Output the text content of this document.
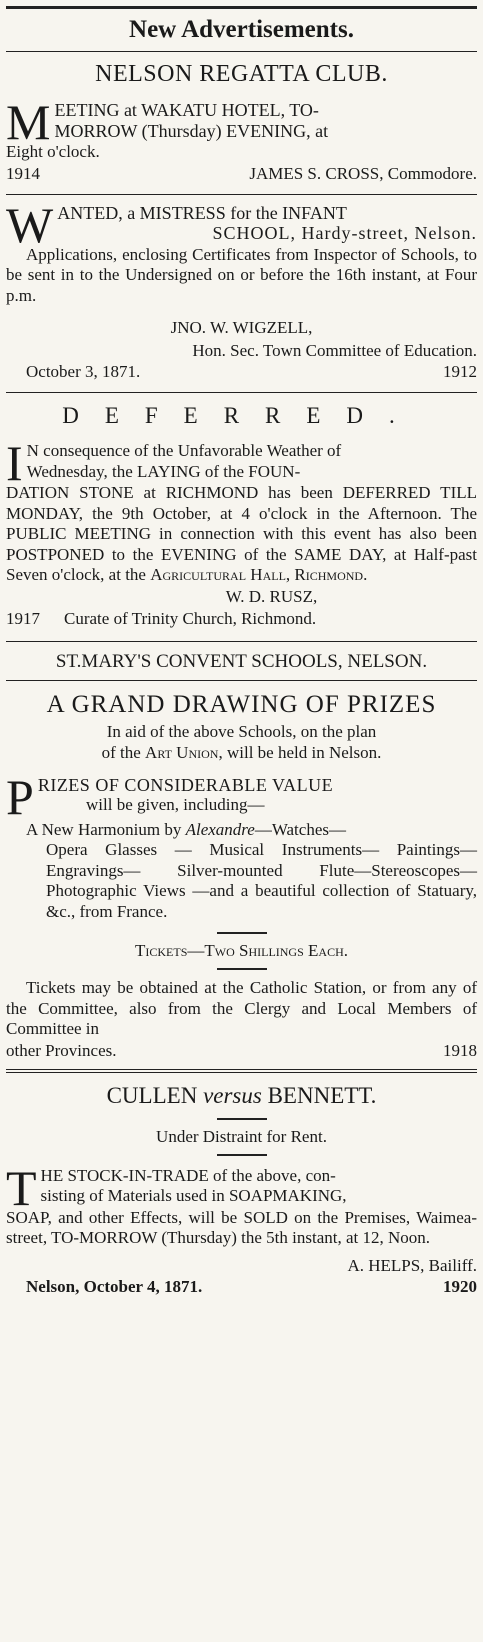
New Advertisements.
NELSON REGATTA CLUB.
M EETING at WAKATU HOTEL, TO-
MORROW (Thursday) EVENING, at
Eight o'clock.
1914	JAMES S. CROSS, Commodore.
W ANTED, a MISTRESS for the INFANT
SCHOOL, Hardy-street, Nelson.
Applications, enclosing Certificates from Inspector of Schools, to be sent in to the Undersigned on or before the 16th instant, at Four p.m.
JNO. W. WIGZELL,
Hon. Sec. Town Committee of Education.
October 3, 1871.	1912
DEFERRED.
I N consequence of the Unfavorable Weather of
Wednesday, the LAYING of the FOUN-
DATION STONE at RICHMOND has been DEFERRED TILL MONDAY, the 9th October, at 4 o'clock in the Afternoon. The PUBLIC MEETING in connection with this event has also been POSTPONED to the EVENING of the SAME DAY, at Half-past Seven o'clock, at the Agricultural Hall, Richmond.
W. D. RUSZ,
1917 Curate of Trinity Church, Richmond.
ST.MARY'S CONVENT SCHOOLS, NELSON.
A GRAND DRAWING OF PRIZES
In aid of the above Schools, on the plan
of the Art Union, will be held in Nelson.
P RIZES OF CONSIDERABLE VALUE
will be given, including—
A New Harmonium by Alexandre—Watches—
Opera Glasses — Musical Instruments— Paintings— Engravings— Silver-mounted Flute—Stereoscopes—Photographic Views —and a beautiful collection of Statuary, &c., from France.
Tickets—Two Shillings Each.
Tickets may be obtained at the Catholic Station, or from any of the Committee, also from the Clergy and Local Members of Committee in
other Provinces.	1918
CULLEN versus BENNETT.
Under Distraint for Rent.
T HE STOCK-IN-TRADE of the above, con-
sisting of Materials used in SOAPMAKING,
SOAP, and other Effects, will be SOLD on the Premises, Waimea-street, TO-MORROW (Thursday) the 5th instant, at 12, Noon.
A. HELPS, Bailiff.
Nelson, October 4, 1871.	1920
